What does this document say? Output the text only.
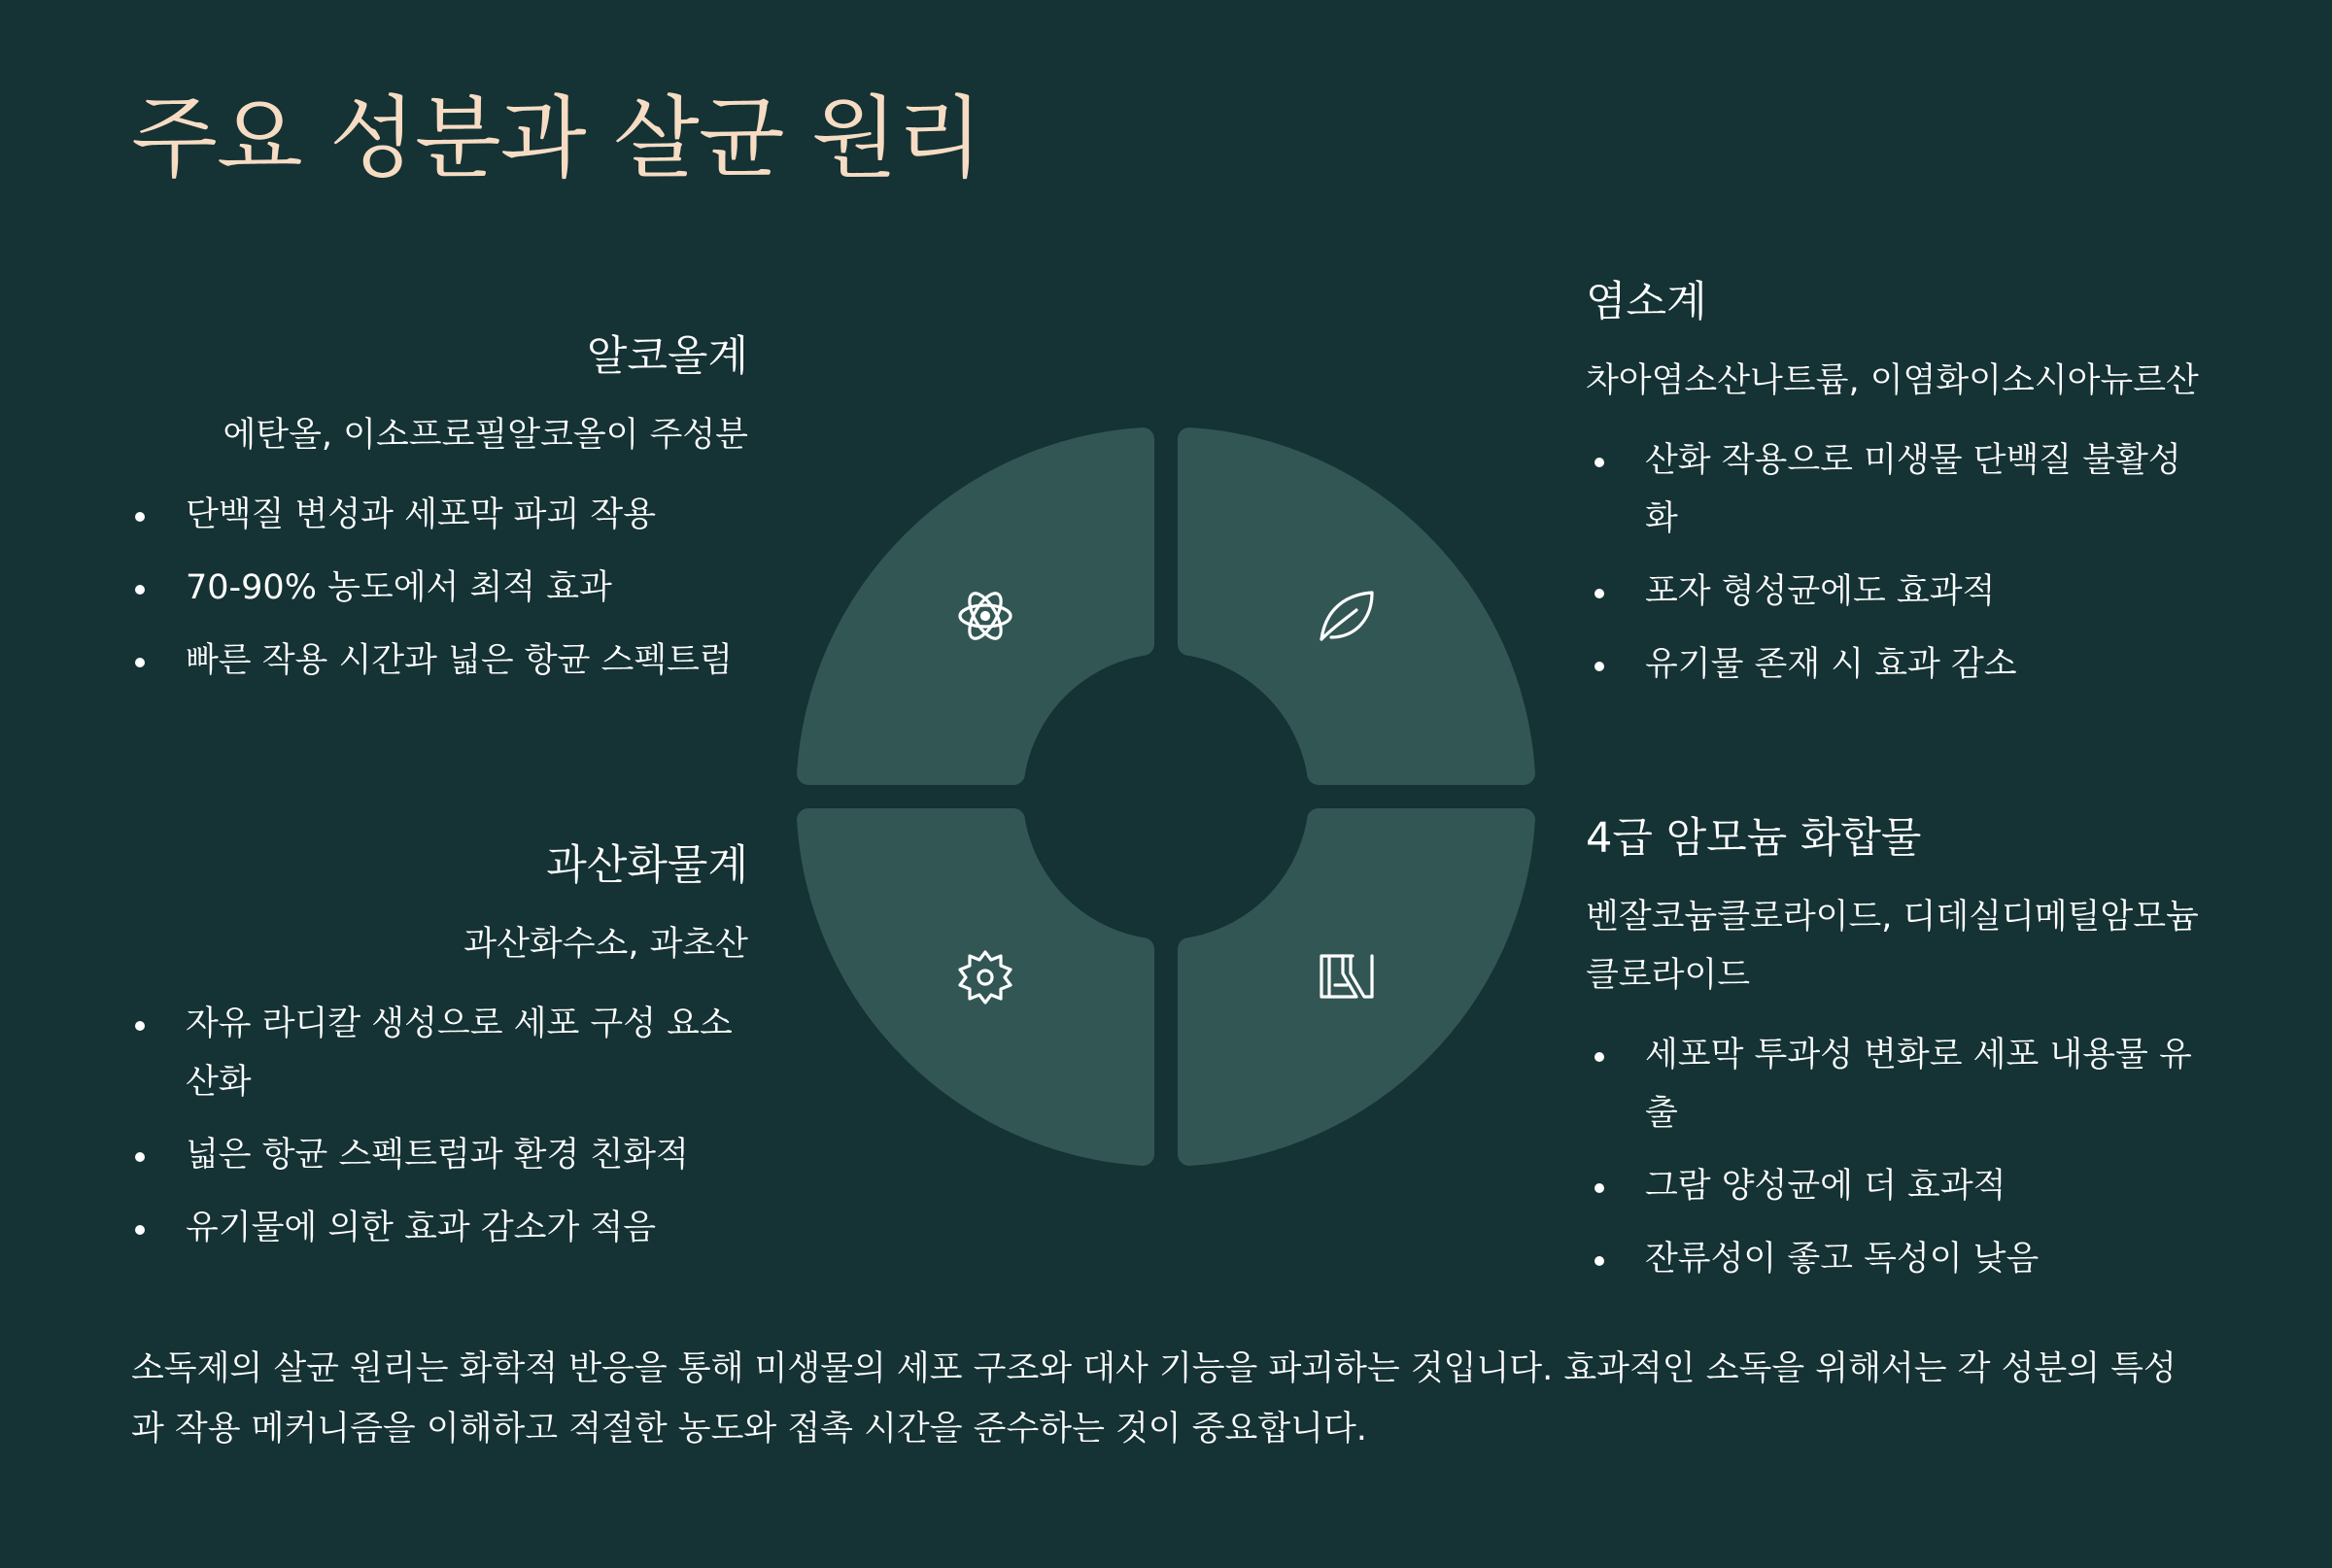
주요 성분과 살균 원리
알코올계
에탄올, 이소프로필알코올이 주성분
단백질 변성과 세포막 파괴 작용
70-90% 농도에서 최적 효과
빠른 작용 시간과 넓은 항균 스펙트럼
과산화물계
과산화수소, 과초산
자유 라디칼 생성으로 세포 구성 요소 산화
넓은 항균 스펙트럼과 환경 친화적
유기물에 의한 효과 감소가 적음
염소계
차아염소산나트륨, 이염화이소시아뉴르산
산화 작용으로 미생물 단백질 불활성화
포자 형성균에도 효과적
유기물 존재 시 효과 감소
4급 암모늄 화합물
벤잘코늄클로라이드, 디데실디메틸암모늄클로라이드
세포막 투과성 변화로 세포 내용물 유출
그람 양성균에 더 효과적
잔류성이 좋고 독성이 낮음
소독제의 살균 원리는 화학적 반응을 통해 미생물의 세포 구조와 대사 기능을 파괴하는 것입니다. 효과적인 소독을 위해서는 각 성분의 특성과 작용 메커니즘을 이해하고 적절한 농도와 접촉 시간을 준수하는 것이 중요합니다.
